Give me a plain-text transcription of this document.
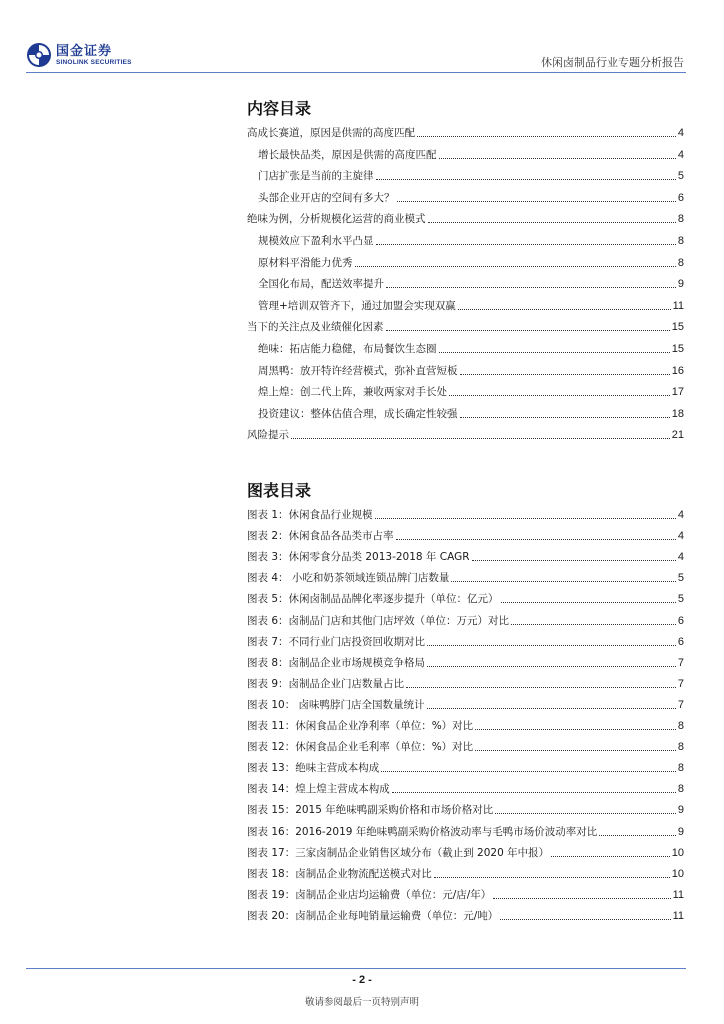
国金证券
SINOLINK SECURITIES	休闲卤制品行业专题分析报告
内容目录
高成长赛道，原因是供需的高度匹配	4
增长最快品类，原因是供需的高度匹配	4
门店扩张是当前的主旋律	5
头部企业开店的空间有多大？	6
绝味为例，分析规模化运营的商业模式	8
规模效应下盈利水平凸显	8
原材料平滑能力优秀	8
全国化布局，配送效率提升	9
管理+培训双管齐下，通过加盟会实现双赢	11
当下的关注点及业绩催化因素	15
绝味：拓店能力稳健，布局餐饮生态圈	15
周黑鸭：放开特许经营模式，弥补直营短板	16
煌上煌：创二代上阵，兼收两家对手长处	17
投资建议：整体估值合理，成长确定性较强	18
风险提示	21
图表目录
图表 1：休闲食品行业规模	4
图表 2：休闲食品各品类市占率	4
图表 3：休闲零食分品类 2013-2018 年 CAGR	4
图表 4： 小吃和奶茶领域连锁品牌门店数量	5
图表 5：休闲卤制品品牌化率逐步提升（单位：亿元）	5
图表 6：卤制品门店和其他门店坪效（单位：万元）对比	6
图表 7：不同行业门店投资回收期对比	6
图表 8：卤制品企业市场规模竞争格局	7
图表 9：卤制品企业门店数量占比	7
图表 10： 卤味鸭脖门店全国数量统计	7
图表 11：休闲食品企业净利率（单位：%）对比	8
图表 12：休闲食品企业毛利率（单位：%）对比	8
图表 13：绝味主营成本构成	8
图表 14：煌上煌主营成本构成	8
图表 15：2015 年绝味鸭副采购价格和市场价格对比	9
图表 16：2016-2019 年绝味鸭副采购价格波动率与毛鸭市场价波动率对比	9
图表 17：三家卤制品企业销售区域分布（截止到 2020 年中报）	10
图表 18：卤制品企业物流配送模式对比	10
图表 19：卤制品企业店均运输费（单位：元/店/年）	11
图表 20：卤制品企业每吨销量运输费（单位：元/吨）	11
- 2 -
敬请参阅最后一页特别声明
